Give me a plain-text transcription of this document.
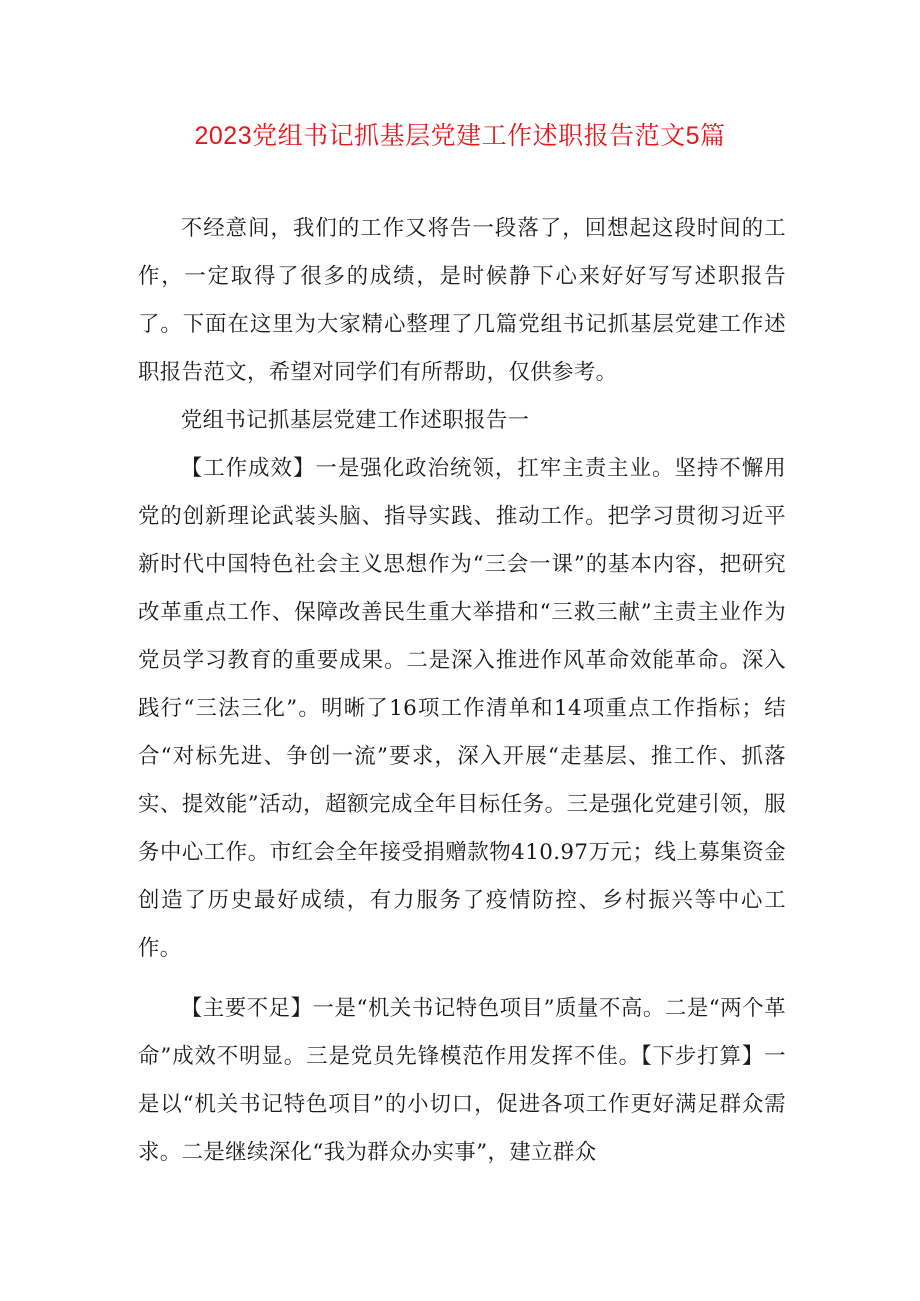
2023党组书记抓基层党建工作述职报告范文5篇

不经意间，我们的工作又将告一段落了，回想起这段时间的工作，一定取得了很多的成绩，是时候静下心来好好写写述职报告了。下面在这里为大家精心整理了几篇党组书记抓基层党建工作述职报告范文，希望对同学们有所帮助，仅供参考。

党组书记抓基层党建工作述职报告一

【工作成效】一是强化政治统领，扛牢主责主业。坚持不懈用党的创新理论武装头脑、指导实践、推动工作。把学习贯彻习近平新时代中国特色社会主义思想作为“三会一课”的基本内容，把研究改革重点工作、保障改善民生重大举措和“三救三献”主责主业作为党员学习教育的重要成果。二是深入推进作风革命效能革命。深入践行“三法三化”。明晰了16项工作清单和14项重点工作指标；结合“对标先进、争创一流”要求，深入开展“走基层、推工作、抓落实、提效能”活动，超额完成全年目标任务。三是强化党建引领，服务中心工作。市红会全年接受捐赠款物410.97万元；线上募集资金创造了历史最好成绩，有力服务了疫情防控、乡村振兴等中心工作。

【主要不足】一是“机关书记特色项目”质量不高。二是“两个革命”成效不明显。三是党员先锋模范作用发挥不佳。【下步打算】一是以“机关书记特色项目”的小切口，促进各项工作更好满足群众需求。二是继续深化“我为群众办实事”，建立群众
